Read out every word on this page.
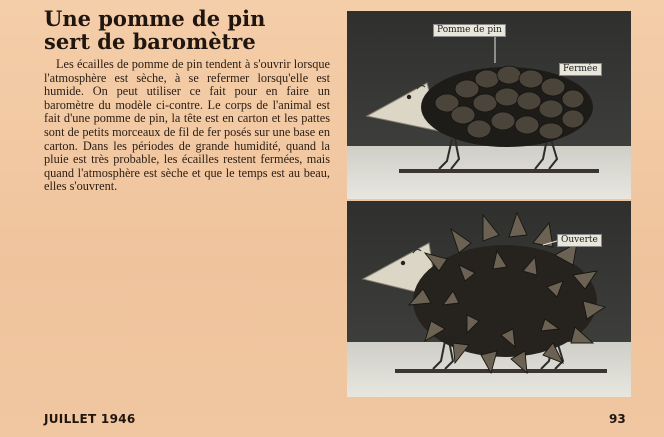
Une pomme de pin
sert de baromètre

Les écailles de pomme de pin tendent à s'ouvrir lorsque l'atmosphère est sèche, à se refermer lorsqu'elle est humide. On peut utiliser ce fait pour en faire un baromètre du modèle ci-contre. Le corps de l'animal est fait d'une pomme de pin, la tête est en carton et les pattes sont de petits morceaux de fil de fer posés sur une base en carton. Dans les périodes de grande humidité, quand la pluie est très probable, les écailles restent fermées, mais quand l'atmosphère est sèche et que le temps est au beau, elles s'ouvrent.

Pomme de pin
Fermée
Ouverte
JUILLET 1946	93
